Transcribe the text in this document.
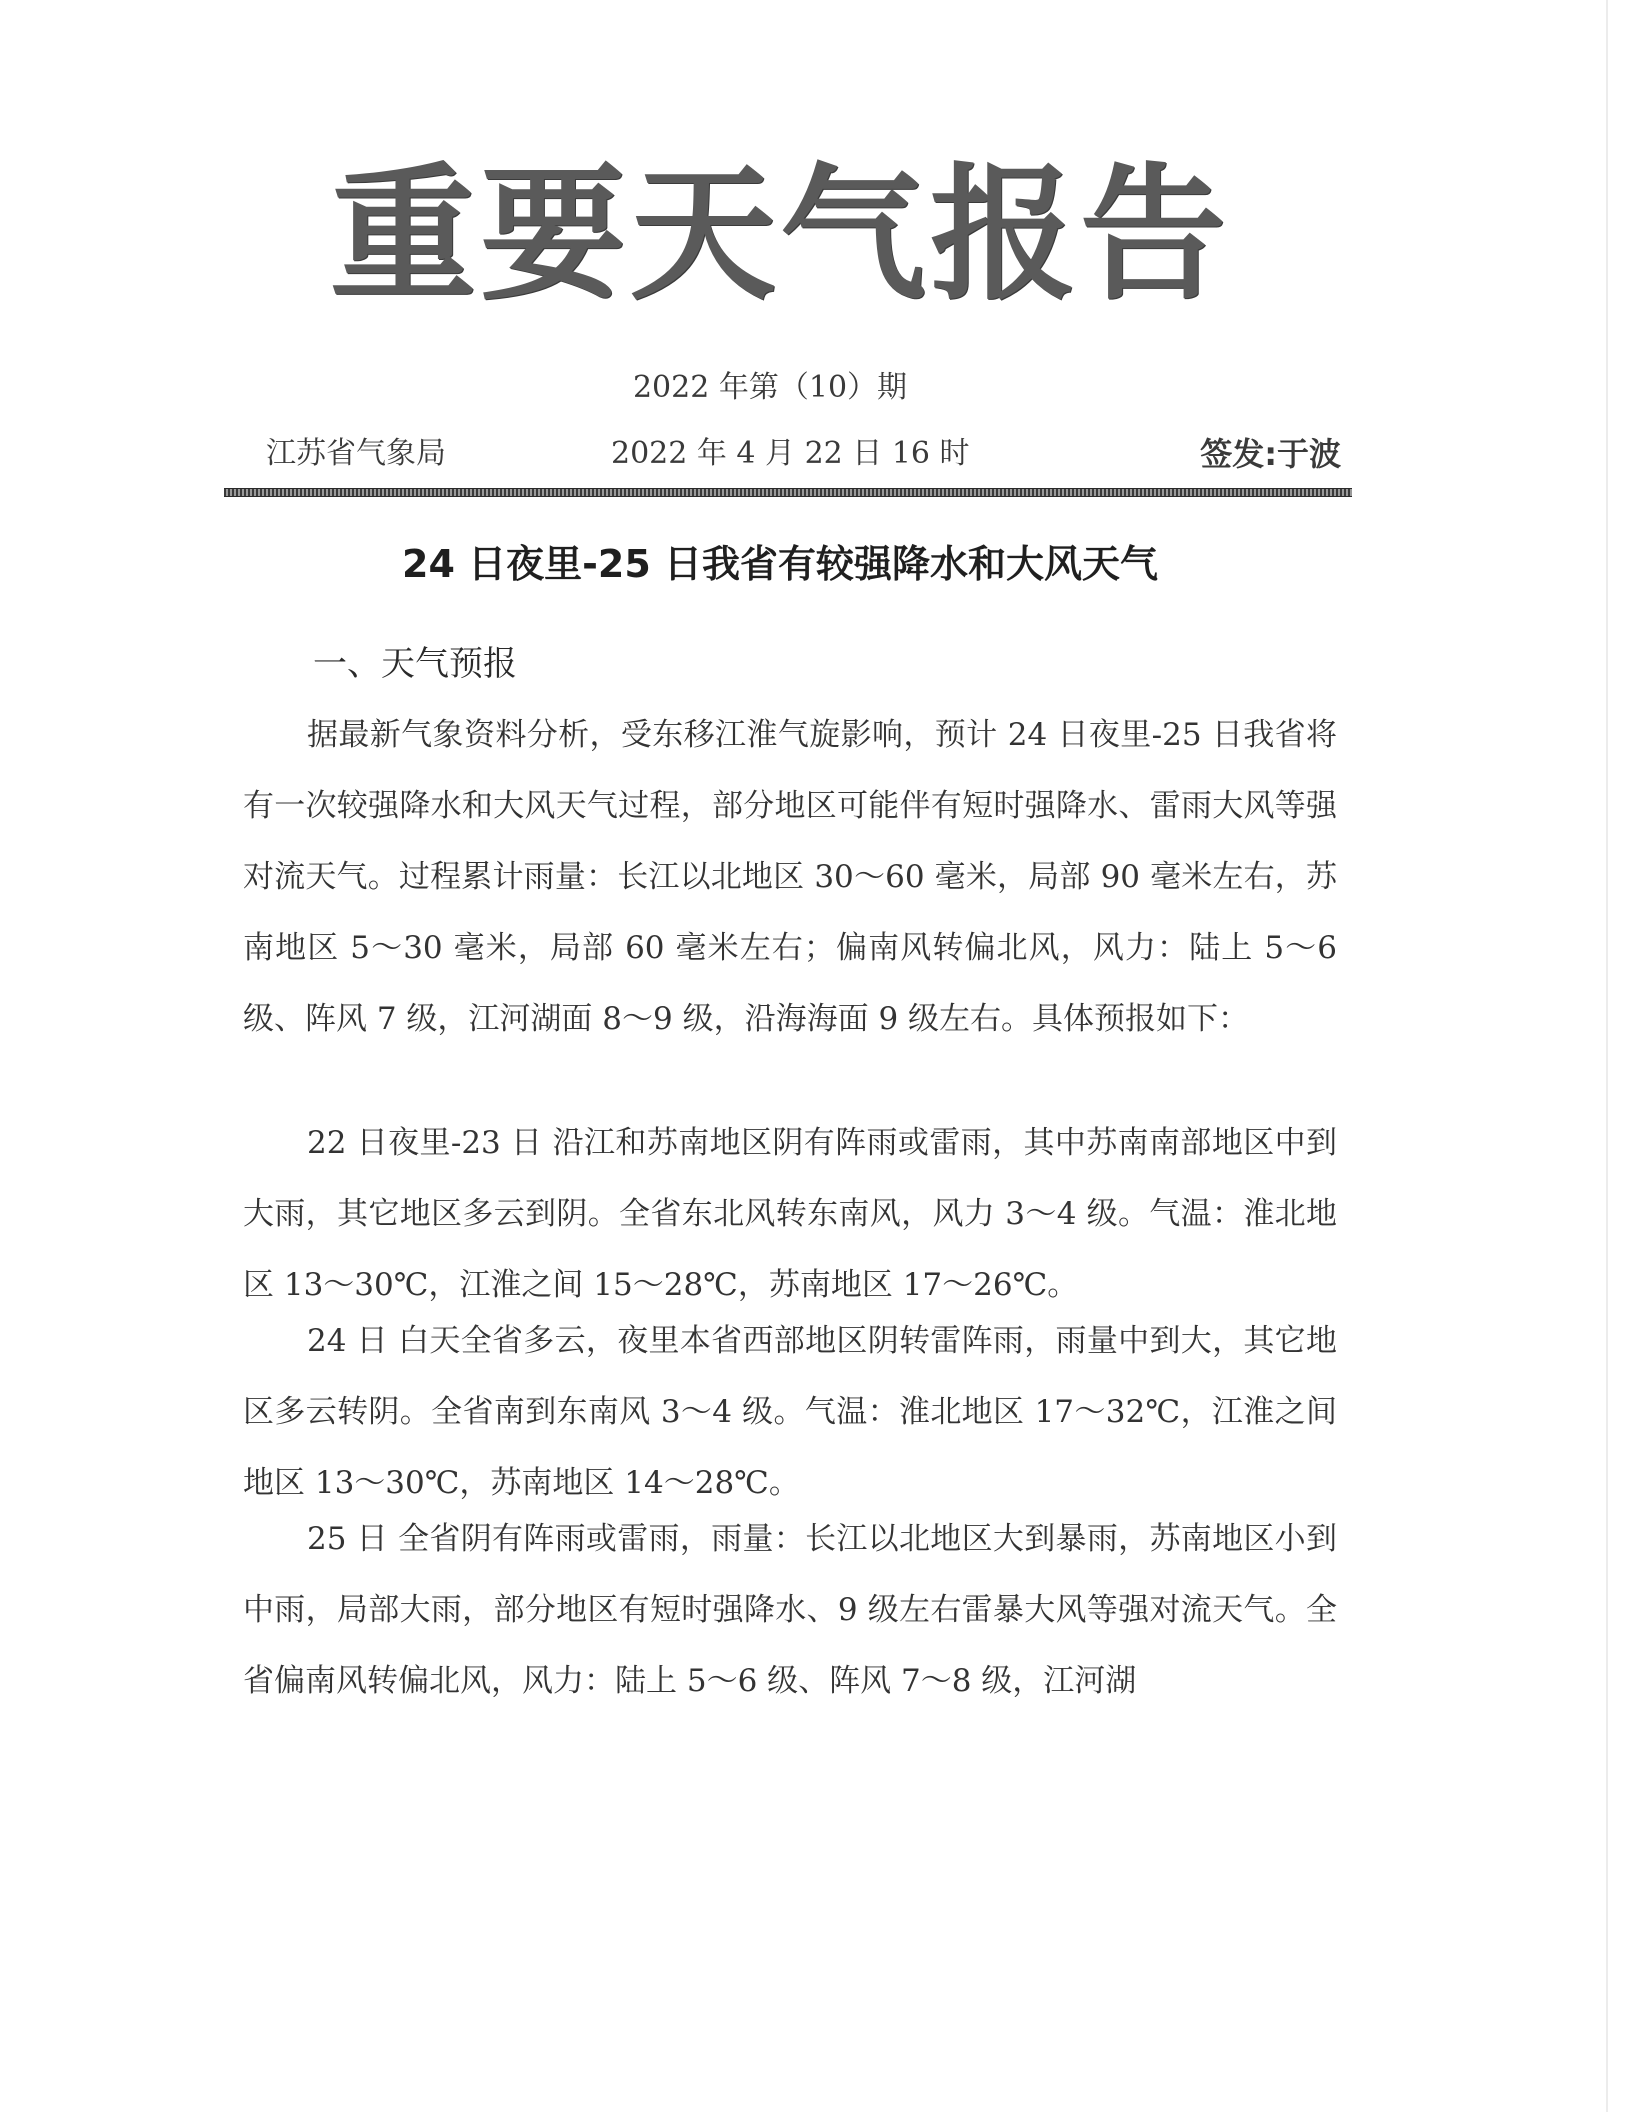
重要天气报告
2022 年第（10）期
江苏省气象局	2022 年 4 月 22 日 16 时	签发:于波
24 日夜里-25 日我省有较强降水和大风天气
一、天气预报

据最新气象资料分析，受东移江淮气旋影响，预计 24 日夜里-25 日我省将有一次较强降水和大风天气过程，部分地区可能伴有短时强降水、雷雨大风等强对流天气。过程累计雨量：长江以北地区 30～60 毫米，局部 90 毫米左右，苏南地区 5～30 毫米，局部 60 毫米左右；偏南风转偏北风，风力：陆上 5～6 级、阵风 7 级，江河湖面 8～9 级，沿海海面 9 级左右。具体预报如下：

22 日夜里-23 日 沿江和苏南地区阴有阵雨或雷雨，其中苏南南部地区中到大雨，其它地区多云到阴。全省东北风转东南风，风力 3～4 级。气温：淮北地区 13～30℃，江淮之间 15～28℃，苏南地区 17～26℃。

24 日 白天全省多云，夜里本省西部地区阴转雷阵雨，雨量中到大，其它地区多云转阴。全省南到东南风 3～4 级。气温：淮北地区 17～32℃，江淮之间地区 13～30℃，苏南地区 14～28℃。

25 日 全省阴有阵雨或雷雨，雨量：长江以北地区大到暴雨，苏南地区小到中雨，局部大雨，部分地区有短时强降水、9 级左右雷暴大风等强对流天气。全省偏南风转偏北风，风力：陆上 5～6 级、阵风 7～8 级，江河湖
